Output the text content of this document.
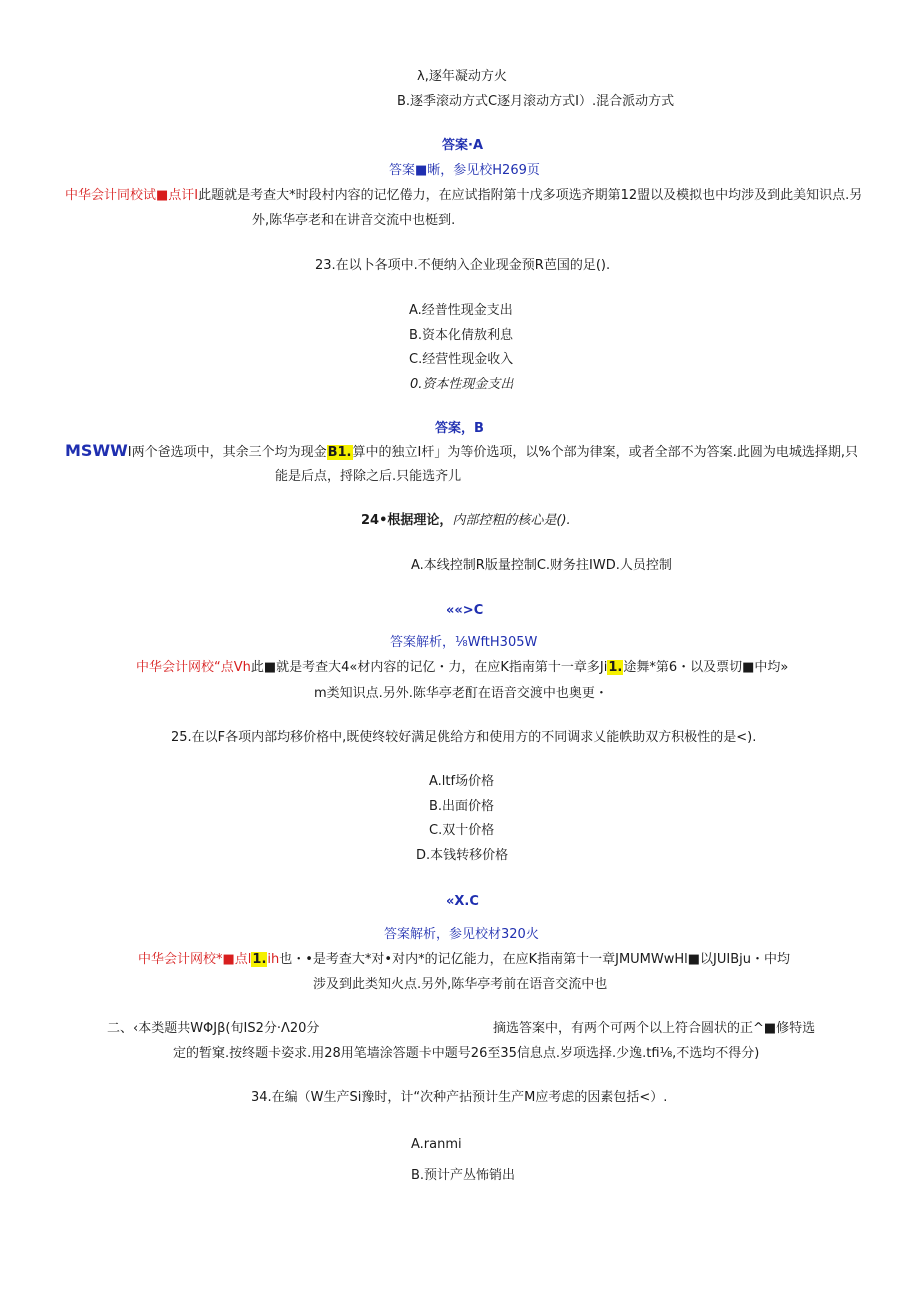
λ,逐年凝动方火
B.逐季滚动方式C逐月滚动方式I）.混合派动方式
答案·A
答案■晰，参见校H269页
中华会计同校试■点讦I此题就是考查大*时段村内容的记忆倦力，在应试指附第十戊多项选齐期第12盟以及模拟也中均涉及到此美知识点.另
外,陈华亭老和在讲音交流中也梃到.
23.在以卜各项中.不便纳入企业现金预R芭国的足().
A.经普性现金支出
B.资本化倩敖利息
C.经营性现金收入
0.资本性现金支出
答案，B
MSWWI两个爸选项中，其余三个均为现金B1.算中的独立I杆」为等价选项，以%个部为律案，或者全部不为答案.此圆为电城选择期,只
能是后点，捋除之后.只能选齐儿
24•根据理论，内部控粗的核心是().
A.本线控制R版量控制C.财务拄IWD.人员控制
««>C
答案解析，⅛WftH305W
中华会计网校“点Vh此■就是考查大4«材内容的记亿・力，在应K指南第十一章多Ji1.途舞*第6・以及票切■中均»
m类知识点.另外.陈华亭老酊在语音交渡中也奥更・
25.在以F各项内部均移价格中,既使终较好满足佻给方和使用方的不同调求乂能帙助双方积极性的是<).
A.ltf场价格
B.出面价格
C.双十价格
D.本钱转移价格
«X.C
答案解析，参见校材320火
中华会计网校*■点l1.ih也・•是考查大*对•对内*的记亿能力，在应K指南第十一章JMUMWwHl■以JUIBju・中均
涉及到此类知火点.另外,陈华亭考前在语音交流中也
二、‹本类题共WΦJβ(旬IS2分·Λ20分	摘选答案中，有两个可两个以上符合圆状的正^■修特选
定的暂窠.按终题卡姿求.用28用笔墙涂答题卡中题号26至35信息点.岁项选择.少逸.tfi⅛,不选均不得分)
34.在编（W生产Si豫时，计“次种产拈预计生产M应考虑的因素包括<）.
A.ranmi
B.预计产丛怖销出
